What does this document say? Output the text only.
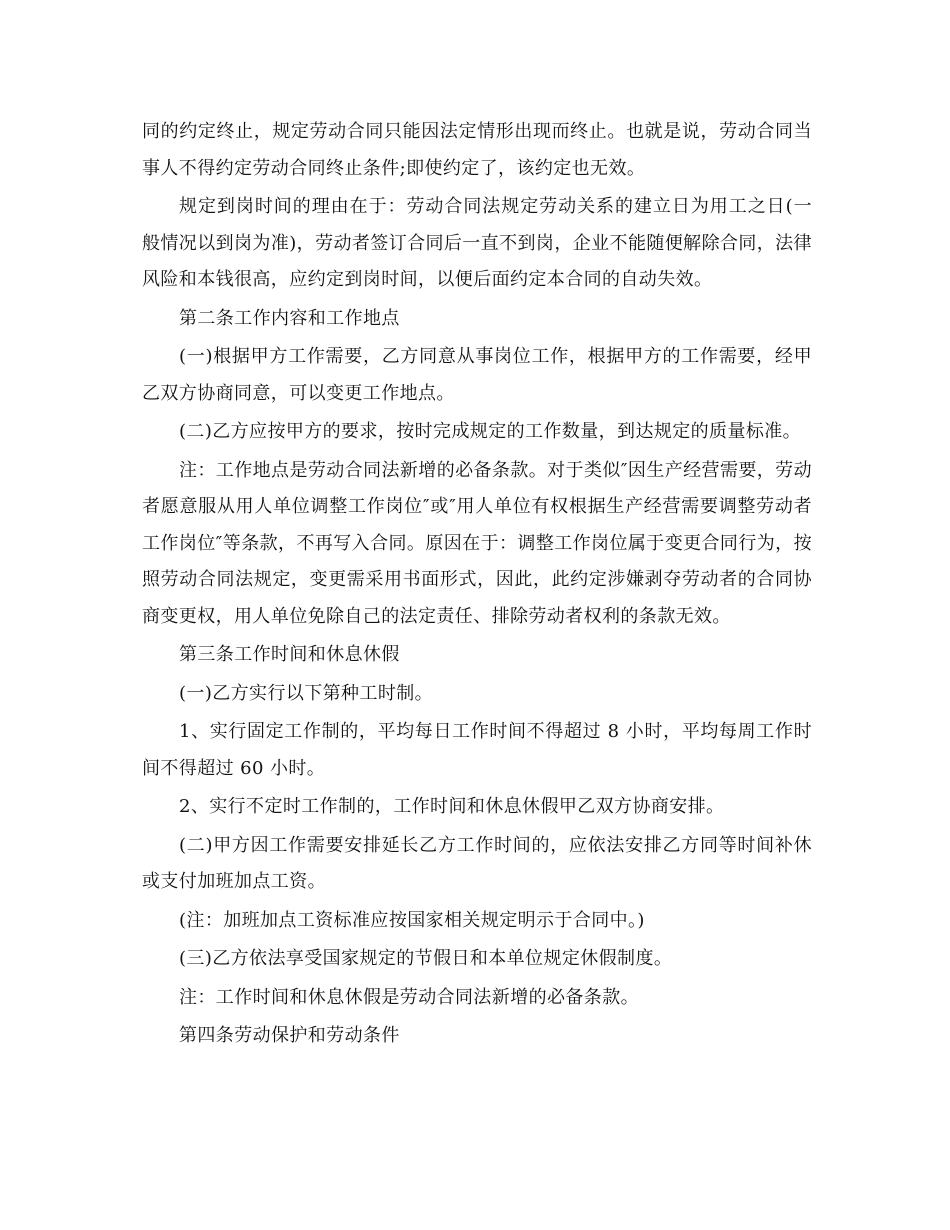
同的约定终止，规定劳动合同只能因法定情形出现而终止。也就是说，劳动合同当事人不得约定劳动合同终止条件;即使约定了，该约定也无效。

规定到岗时间的理由在于：劳动合同法规定劳动关系的建立日为用工之日(一般情况以到岗为准)，劳动者签订合同后一直不到岗，企业不能随便解除合同，法律风险和本钱很高，应约定到岗时间，以便后面约定本合同的自动失效。

第二条工作内容和工作地点

(一)根据甲方工作需要，乙方同意从事岗位工作，根据甲方的工作需要，经甲乙双方协商同意，可以变更工作地点。

(二)乙方应按甲方的要求，按时完成规定的工作数量，到达规定的质量标准。

注：工作地点是劳动合同法新增的必备条款。对于类似″因生产经营需要，劳动者愿意服从用人单位调整工作岗位″或″用人单位有权根据生产经营需要调整劳动者工作岗位″等条款，不再写入合同。原因在于：调整工作岗位属于变更合同行为，按照劳动合同法规定，变更需采用书面形式，因此，此约定涉嫌剥夺劳动者的合同协商变更权，用人单位免除自己的法定责任、排除劳动者权利的条款无效。

第三条工作时间和休息休假

(一)乙方实行以下第种工时制。

1、实行固定工作制的，平均每日工作时间不得超过 8 小时，平均每周工作时间不得超过 60 小时。

2、实行不定时工作制的，工作时间和休息休假甲乙双方协商安排。

(二)甲方因工作需要安排延长乙方工作时间的，应依法安排乙方同等时间补休或支付加班加点工资。

(注：加班加点工资标准应按国家相关规定明示于合同中。)

(三)乙方依法享受国家规定的节假日和本单位规定休假制度。

注：工作时间和休息休假是劳动合同法新增的必备条款。

第四条劳动保护和劳动条件
